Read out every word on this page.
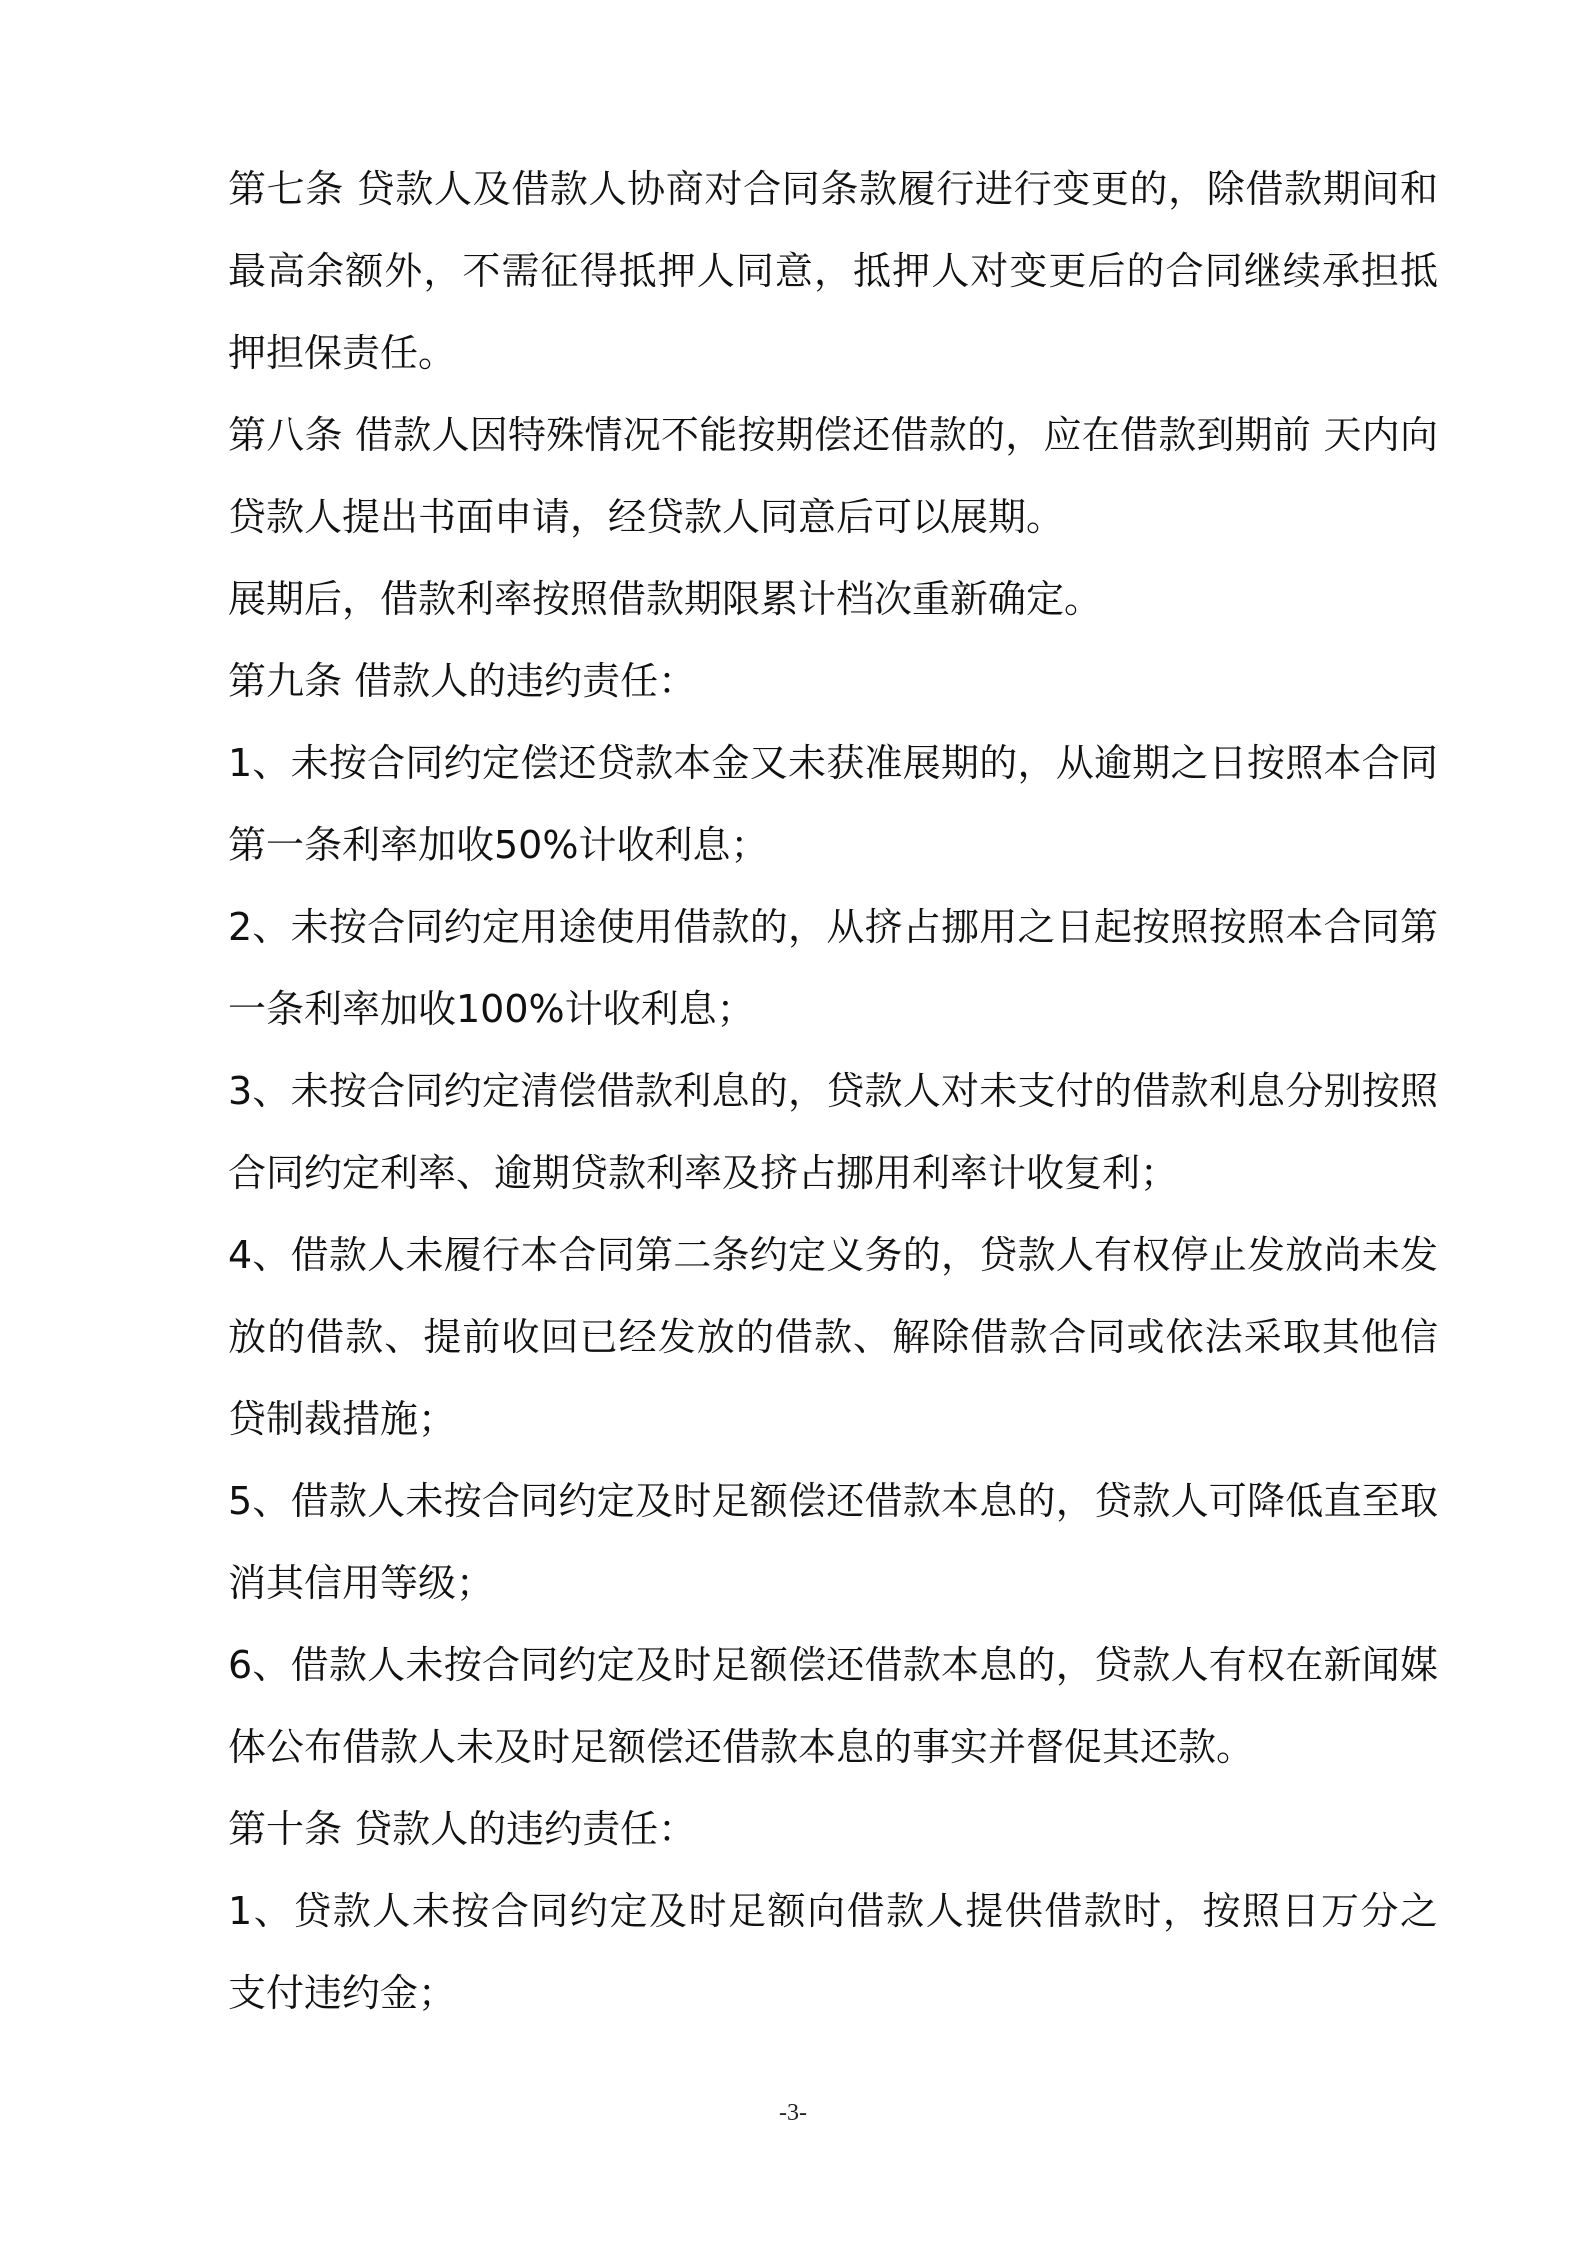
第七条 贷款人及借款人协商对合同条款履行进行变更的，除借款期间和最高余额外，不需征得抵押人同意，抵押人对变更后的合同继续承担抵押担保责任。

第八条 借款人因特殊情况不能按期偿还借款的，应在借款到期前 天内向贷款人提出书面申请，经贷款人同意后可以展期。

展期后，借款利率按照借款期限累计档次重新确定。

第九条 借款人的违约责任：

1、未按合同约定偿还贷款本金又未获准展期的，从逾期之日按照本合同第一条利率加收50%计收利息；

2、未按合同约定用途使用借款的，从挤占挪用之日起按照按照本合同第一条利率加收100%计收利息；

3、未按合同约定清偿借款利息的，贷款人对未支付的借款利息分别按照合同约定利率、逾期贷款利率及挤占挪用利率计收复利；

4、借款人未履行本合同第二条约定义务的，贷款人有权停止发放尚未发放的借款、提前收回已经发放的借款、解除借款合同或依法采取其他信贷制裁措施；

5、借款人未按合同约定及时足额偿还借款本息的，贷款人可降低直至取消其信用等级；

6、借款人未按合同约定及时足额偿还借款本息的，贷款人有权在新闻媒体公布借款人未及时足额偿还借款本息的事实并督促其还款。

第十条 贷款人的违约责任：

1、贷款人未按合同约定及时足额向借款人提供借款时，按照日万分之 支付违约金；

-3-
